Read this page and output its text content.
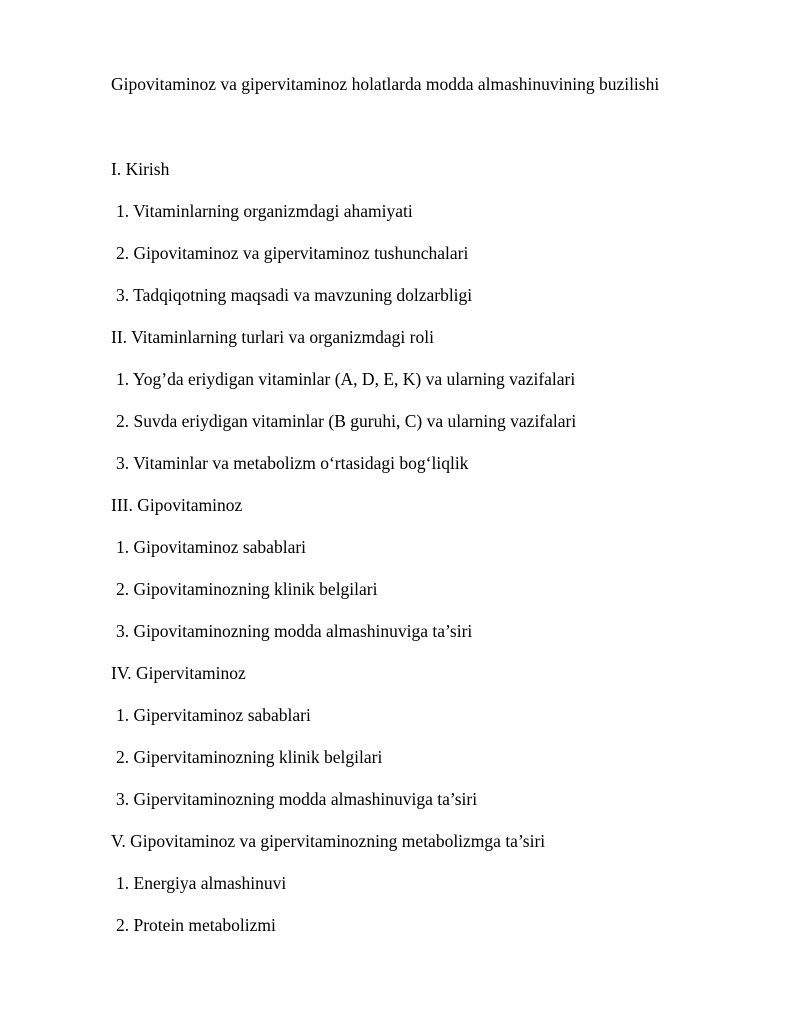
Gipovitaminoz va gipervitaminoz holatlarda modda almashinuvining buzilishi
I. Kirish
1. Vitaminlarning organizmdagi ahamiyati
2. Gipovitaminoz va gipervitaminoz tushunchalari
3. Tadqiqotning maqsadi va mavzuning dolzarbligi
II. Vitaminlarning turlari va organizmdagi roli
1. Yog’da eriydigan vitaminlar (A, D, E, K) va ularning vazifalari
2. Suvda eriydigan vitaminlar (B guruhi, C) va ularning vazifalari
3. Vitaminlar va metabolizm o‘rtasidagi bog‘liqlik
III. Gipovitaminoz
1. Gipovitaminoz sabablari
2. Gipovitaminozning klinik belgilari
3. Gipovitaminozning modda almashinuviga ta’siri
IV. Gipervitaminoz
1. Gipervitaminoz sabablari
2. Gipervitaminozning klinik belgilari
3. Gipervitaminozning modda almashinuviga ta’siri
V. Gipovitaminoz va gipervitaminozning metabolizmga ta’siri
1. Energiya almashinuvi
2. Protein metabolizmi
